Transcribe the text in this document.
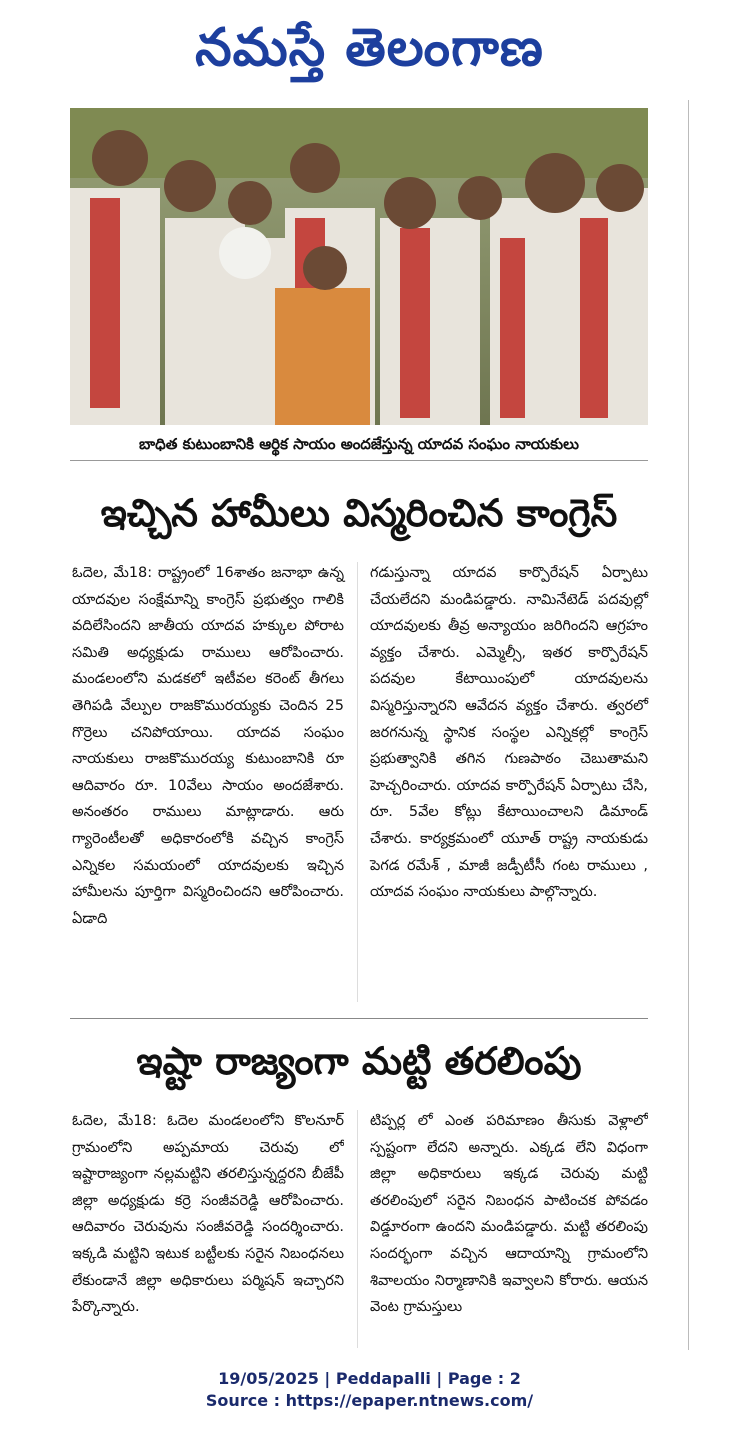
నమస్తే తెలంగాణ
బాధిత కుటుంబానికి ఆర్థిక సాయం అందజేస్తున్న యాదవ సంఘం నాయకులు
ఇచ్చిన హామీలు విస్మరించిన కాంగ్రెస్

ఓదెల, మే18: రాష్ట్రంలో 16శాతం జనాభా ఉన్న యాదవుల సంక్షేమాన్ని కాంగ్రెస్ ప్రభుత్వం గాలికి వదిలేసిందని జాతీయ యాదవ హక్కుల పోరాట సమితి అధ్యక్షుడు రాములు ఆరోపించారు. మండలంలోని మడకలో ఇటీవల కరెంట్ తీగలు తెగిపడి వేల్పుల రాజకొమురయ్యకు చెందిన 25 గొర్రెలు చనిపోయాయి. యాదవ సంఘం నాయకులు రాజకొమురయ్య కుటుంబానికి రూ ఆదివారం రూ. 10వేలు సాయం అందజేశారు. అనంతరం రాములు మాట్లాడారు. ఆరు గ్యారెంటీలతో అధికారంలోకి వచ్చిన కాంగ్రెస్ ఎన్నికల సమయంలో యాదవులకు ఇచ్చిన హామీలను పూర్తిగా విస్మరించిందని ఆరోపించారు. ఏడాది

గడుస్తున్నా యాదవ కార్పొరేషన్ ఏర్పాటు చేయలేదని మండిపడ్డారు. నామినేటెడ్ పదవుల్లో యాదవులకు తీవ్ర అన్యాయం జరిగిందని ఆగ్రహం వ్యక్తం చేశారు. ఎమ్మెల్సీ, ఇతర కార్పొరేషన్ పదవుల కేటాయింపులో యాదవులను విస్మరిస్తున్నారని ఆవేదన వ్యక్తం చేశారు. త్వరలో జరగనున్న స్థానిక సంస్థల ఎన్నికల్లో కాంగ్రెస్ ప్రభుత్వానికి తగిన గుణపాఠం చెబుతామని హెచ్చరించారు. యాదవ కార్పొరేషన్ ఏర్పాటు చేసి, రూ. 5వేల కోట్లు కేటాయించాలని డిమాండ్ చేశారు. కార్యక్రమంలో యూత్ రాష్ట్ర నాయకుడు పెగడ రమేశ్ , మాజీ జడ్పీటీసీ గంట రాములు , యాదవ సంఘం నాయకులు పాల్గొన్నారు.

ఇష్టా రాజ్యంగా మట్టి తరలింపు

ఓదెల, మే18: ఓదెల మండలంలోని కొలనూర్ గ్రామంలోని అప్పమాయ చెరువు లో ఇష్టారాజ్యంగా నల్లమట్టిని తరలిస్తున్నద్దరని బీజేపీ జిల్లా అధ్యక్షుడు కర్రె సంజీవరెడ్డి ఆరోపించారు. ఆదివారం చెరువును సంజీవరెడ్డి సందర్శించారు. ఇక్కడి మట్టిని ఇటుక బట్టీలకు సరైన నిబంధనలు లేకుండానే జిల్లా అధికారులు పర్మిషన్ ఇచ్చారని పేర్కొన్నారు.

టిప్పర్ల లో ఎంత పరిమాణం తీసుకు వెళ్లాలో స్పష్టంగా లేదని అన్నారు. ఎక్కడ లేని విధంగా జిల్లా అధికారులు ఇక్కడ చెరువు మట్టి తరలింపులో సరైన నిబంధన పాటించక పోవడం విడ్డూరంగా ఉందని మండిపడ్డారు. మట్టి తరలింపు సందర్భంగా వచ్చిన ఆదాయాన్ని గ్రామంలోని శివాలయం నిర్మాణానికి ఇవ్వాలని కోరారు. ఆయన వెంట గ్రామస్తులు

19/05/2025 | Peddapalli | Page : 2
Source : https://epaper.ntnews.com/
